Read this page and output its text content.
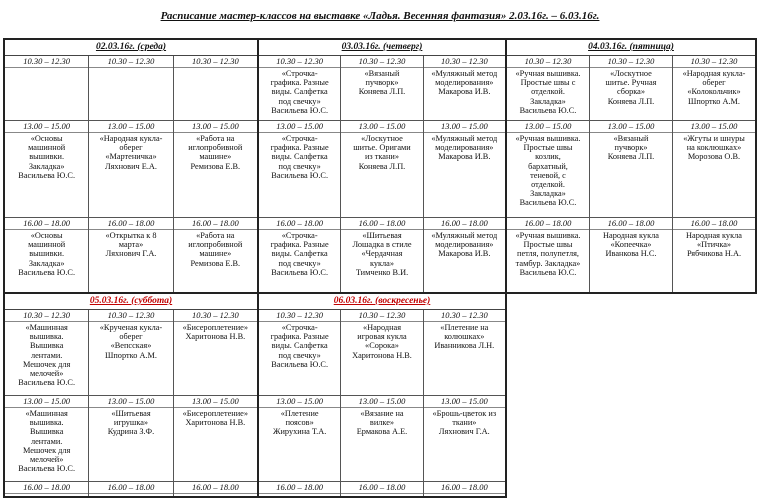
Расписание мастер-классов на выставке «Ладья. Весенняя фантазия» 2.03.16г. – 6.03.16г.
02.03.16г. (среда)
10.30 – 12.30
13.00 – 15.00
«Основы
машинной
вышивки.
Закладка»
Васильева Ю.С.
16.00 – 18.00
«Основы
машинной
вышивки.
Закладка»
Васильева Ю.С.
10.30 – 12.30
13.00 – 15.00
«Народная кукла-
оберег
«Мартеничка»
Ляхнович Е.А.
16.00 – 18.00
«Открытка к 8
марта»
Ляхнович Г.А.
10.30 – 12.30
13.00 – 15.00
«Работа на
иглопробивной
машине»
Ремизова Е.В.
16.00 – 18.00
«Работа на
иглопробивной
машине»
Ремизова Е.В.
03.03.16г. (четверг)
10.30 – 12.30
«Строчка-
графика. Разные
виды. Салфетка
под свечку»
Васильева Ю.С.
13.00 – 15.00
«Строчка-
графика. Разные
виды. Салфетка
под свечку»
Васильева Ю.С.
16.00 – 18.00
«Строчка-
графика. Разные
виды. Салфетка
под свечку»
Васильева Ю.С.
10.30 – 12.30
«Вязаный
пучворк»
Коняева Л.П.
13.00 – 15.00
«Лоскутное
шитье. Оригами
из ткани»
Коняева Л.П.
16.00 – 18.00
«Шитьевая
Лошадка в стиле
«Чердачная
кукла»
Тимченко В.И.
10.30 – 12.30
«Муляжный метод
моделирования»
Макарова И.В.
13.00 – 15.00
«Муляжный метод
моделирования»
Макарова И.В.
16.00 – 18.00
«Муляжный метод
моделирования»
Макарова И.В.
04.03.16г. (пятница)
10.30 – 12.30
«Ручная вышивка.
Простые швы с
отделкой.
Закладка»
Васильева Ю.С.
13.00 – 15.00
«Ручная вышивка.
Простые швы
козлик,
бархатный,
теневой, с
отделкой.
Закладка»
Васильева Ю.С.
16.00 – 18.00
«Ручная вышивка.
Простые швы
петля, полупетля,
тамбур. Закладка»
Васильева Ю.С.
10.30 – 12.30
«Лоскутное
шитье. Ручная
сборка»
Коняева Л.П.
13.00 – 15.00
«Вязаный
пучворк»
Коняева Л.П.
16.00 – 18.00
Народная кукла
«Копеечка»
Иванкова Н.С.
10.30 – 12.30
«Народная кукла-
оберег
«Колокольчик»
Шпортко А.М.
13.00 – 15.00
«Жгуты и шнуры
на коклюшках»
Морозова О.В.
16.00 – 18.00
Народная кукла
«Птичка»
Рябчикова Н.А.
05.03.16г. (суббота)
10.30 – 12.30
«Машинная
вышивка.
Вышивка
лентами.
Мешочек для
мелочей»
Васильева Ю.С.
13.00 – 15.00
«Машинная
вышивка.
Вышивка
лентами.
Мешочек для
мелочей»
Васильева Ю.С.
16.00 – 18.00
10.30 – 12.30
«Крученая кукла-
оберег
«Вепсская»
Шпортко А.М.
13.00 – 15.00
«Шитьевая
игрушка»
Кудрина З.Ф.
16.00 – 18.00
10.30 – 12.30
«Бисероплетение»
Харитонова Н.В.
13.00 – 15.00
«Бисероплетение»
Харитонова Н.В.
16.00 – 18.00
06.03.16г. (воскресенье)
10.30 – 12.30
«Строчка-
графика. Разные
виды. Салфетка
под свечку»
Васильева Ю.С.
13.00 – 15.00
«Плетение
поясов»
Жирухина Т.А.
16.00 – 18.00
10.30 – 12.30
«Народная
игровая кукла
«Сорока»
Харитонова Н.В.
13.00 – 15.00
«Вязание на
вилке»
Ермакова А.Е.
16.00 – 18.00
10.30 – 12.30
«Плетение на
колюшках»
Иванникова Л.Н.
13.00 – 15.00
«Брошь-цветок из
ткани»
Ляхнович Г.А.
16.00 – 18.00
